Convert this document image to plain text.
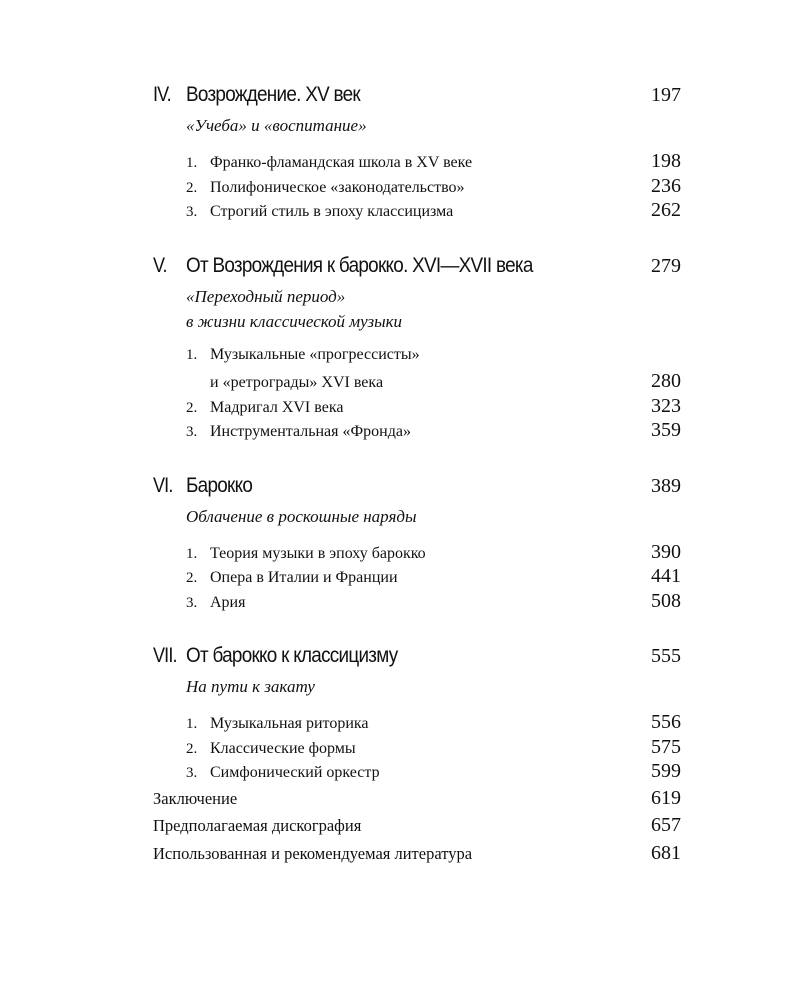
IV. Возрождение. XV век	197
«Учеба» и «воспитание»
1. Франко-фламандская школа в XV веке	198
2. Полифоническое «законодательство»	236
3. Строгий стиль в эпоху классицизма	262
V. От Возрождения к барокко. XVI—XVII века	279
«Переходный период»
в жизни классической музыки
1. Музыкальные «прогрессисты»
и «ретрограды» XVI века	280
2. Мадригал XVI века	323
3. Инструментальная «Фронда»	359
VI. Барокко	389
Облачение в роскошные наряды
1. Теория музыки в эпоху барокко	390
2. Опера в Италии и Франции	441
3. Ария	508
VII. От барокко к классицизму	555
На пути к закату
1. Музыкальная риторика	556
2. Классические формы	575
3. Симфонический оркестр	599
Заключение	619
Предполагаемая дискография	657
Использованная и рекомендуемая литература	681
